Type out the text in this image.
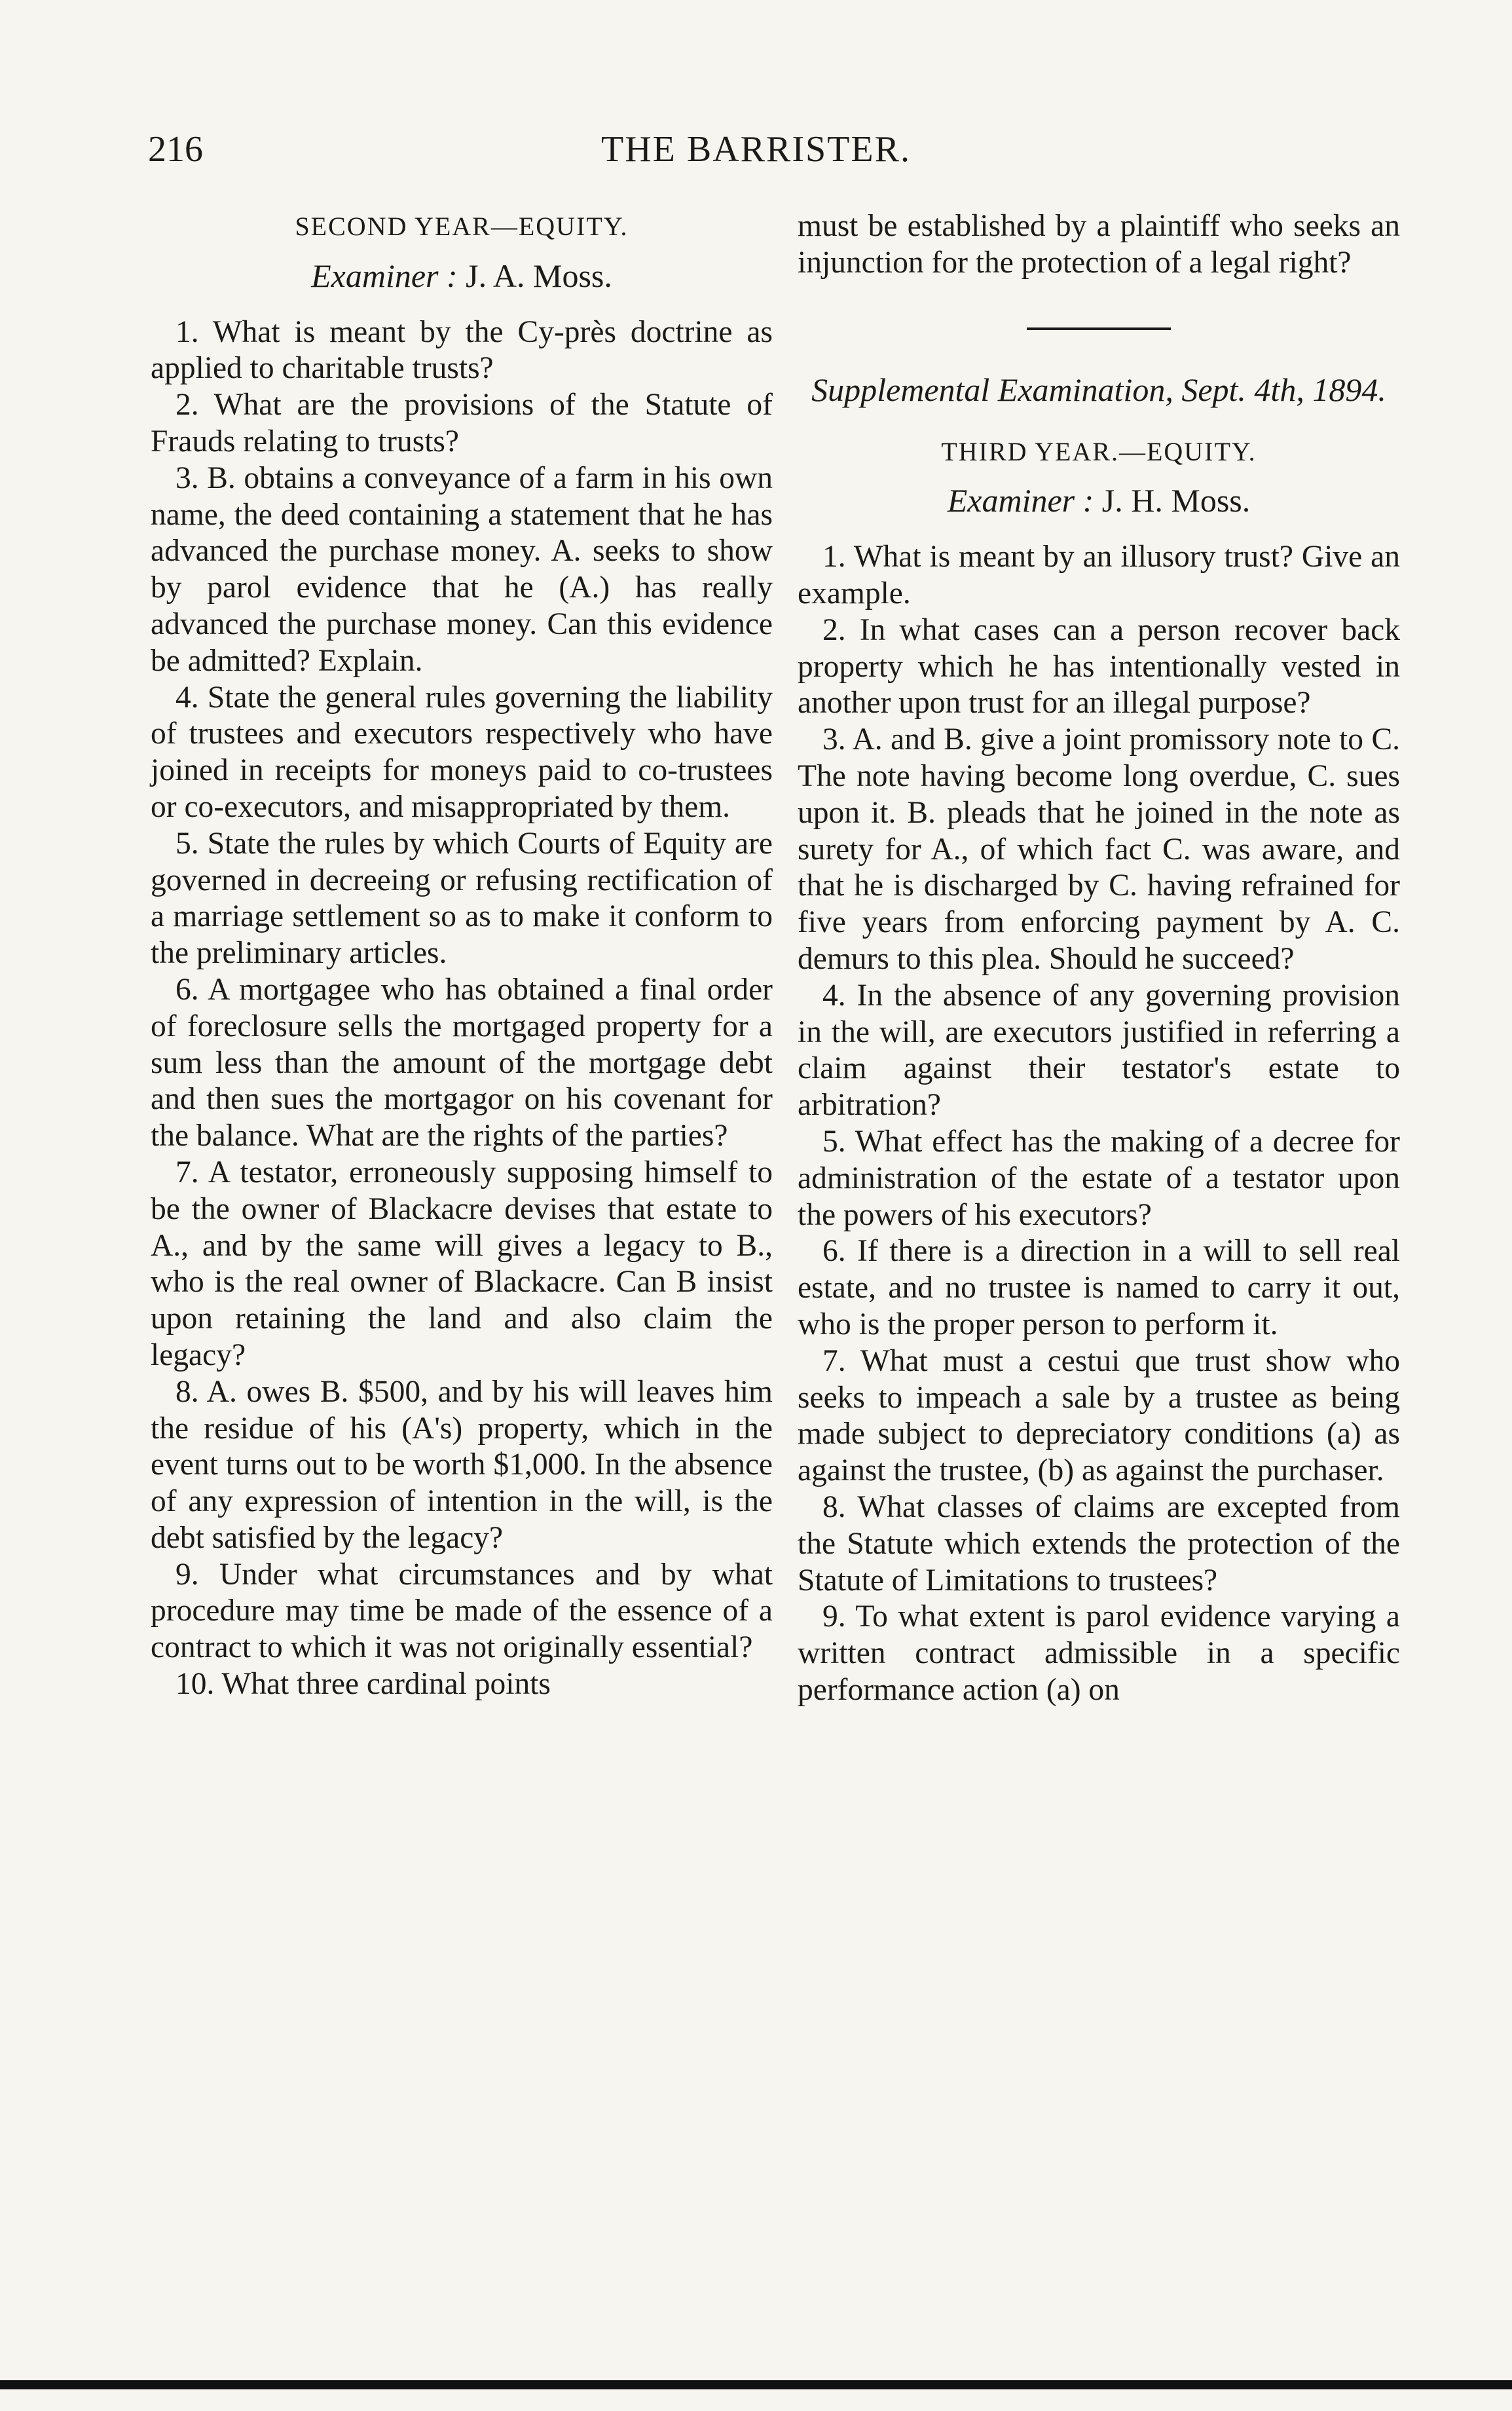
216	THE BARRISTER.
SECOND YEAR—EQUITY.
Examiner : J. A. Moss.

1. What is meant by the Cy-près doctrine as applied to charitable trusts?

2. What are the provisions of the Statute of Frauds relating to trusts?

3. B. obtains a conveyance of a farm in his own name, the deed containing a statement that he has advanced the purchase money. A. seeks to show by parol evidence that he (A.) has really advanced the purchase money. Can this evidence be admitted? Explain.

4. State the general rules governing the liability of trustees and executors respectively who have joined in receipts for moneys paid to co-trustees or co-executors, and misappropriated by them.

5. State the rules by which Courts of Equity are governed in decreeing or refusing rectification of a marriage settlement so as to make it conform to the preliminary articles.

6. A mortgagee who has obtained a final order of foreclosure sells the mortgaged property for a sum less than the amount of the mortgage debt and then sues the mortgagor on his covenant for the balance. What are the rights of the parties?

7. A testator, erroneously supposing himself to be the owner of Blackacre devises that estate to A., and by the same will gives a legacy to B., who is the real owner of Blackacre. Can B insist upon retaining the land and also claim the legacy?

8. A. owes B. $500, and by his will leaves him the residue of his (A's) property, which in the event turns out to be worth $1,000. In the absence of any expression of intention in the will, is the debt satisfied by the legacy?

9. Under what circumstances and by what procedure may time be made of the essence of a contract to which it was not originally essential?

10. What three cardinal points

must be established by a plaintiff who seeks an injunction for the protection of a legal right?

Supplemental Examination, Sept. 4th, 1894.
THIRD YEAR.—EQUITY.
Examiner : J. H. Moss.

1. What is meant by an illusory trust? Give an example.

2. In what cases can a person recover back property which he has intentionally vested in another upon trust for an illegal purpose?

3. A. and B. give a joint promissory note to C. The note having become long overdue, C. sues upon it. B. pleads that he joined in the note as surety for A., of which fact C. was aware, and that he is discharged by C. having refrained for five years from enforcing payment by A. C. demurs to this plea. Should he succeed?

4. In the absence of any governing provision in the will, are executors justified in referring a claim against their testator's estate to arbitration?

5. What effect has the making of a decree for administration of the estate of a testator upon the powers of his executors?

6. If there is a direction in a will to sell real estate, and no trustee is named to carry it out, who is the proper person to perform it.

7. What must a cestui que trust show who seeks to impeach a sale by a trustee as being made subject to depreciatory conditions (a) as against the trustee, (b) as against the purchaser.

8. What classes of claims are excepted from the Statute which extends the protection of the Statute of Limitations to trustees?

9. To what extent is parol evidence varying a written contract admissible in a specific performance action (a) on
